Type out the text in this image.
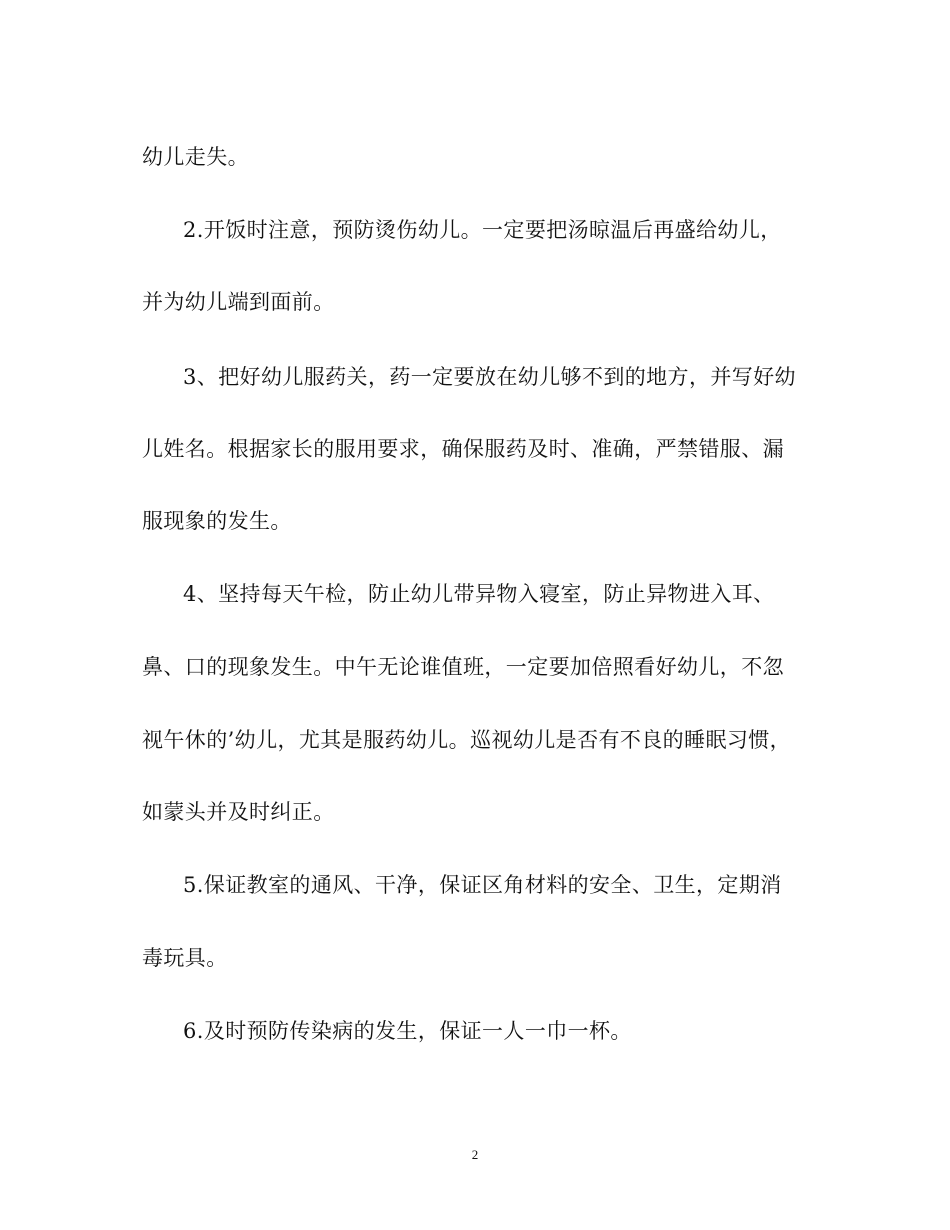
幼儿走失。
2.开饭时注意，预防烫伤幼儿。一定要把汤晾温后再盛给幼儿，
并为幼儿端到面前。
3、把好幼儿服药关，药一定要放在幼儿够不到的地方，并写好幼
儿姓名。根据家长的服用要求，确保服药及时、准确，严禁错服、漏
服现象的发生。
4、坚持每天午检，防止幼儿带异物入寝室，防止异物进入耳、
鼻、口的现象发生。中午无论谁值班，一定要加倍照看好幼儿，不忽
视午休的’幼儿，尤其是服药幼儿。巡视幼儿是否有不良的睡眠习惯，
如蒙头并及时纠正。
5.保证教室的通风、干净，保证区角材料的安全、卫生，定期消
毒玩具。
6.及时预防传染病的发生，保证一人一巾一杯。
2
